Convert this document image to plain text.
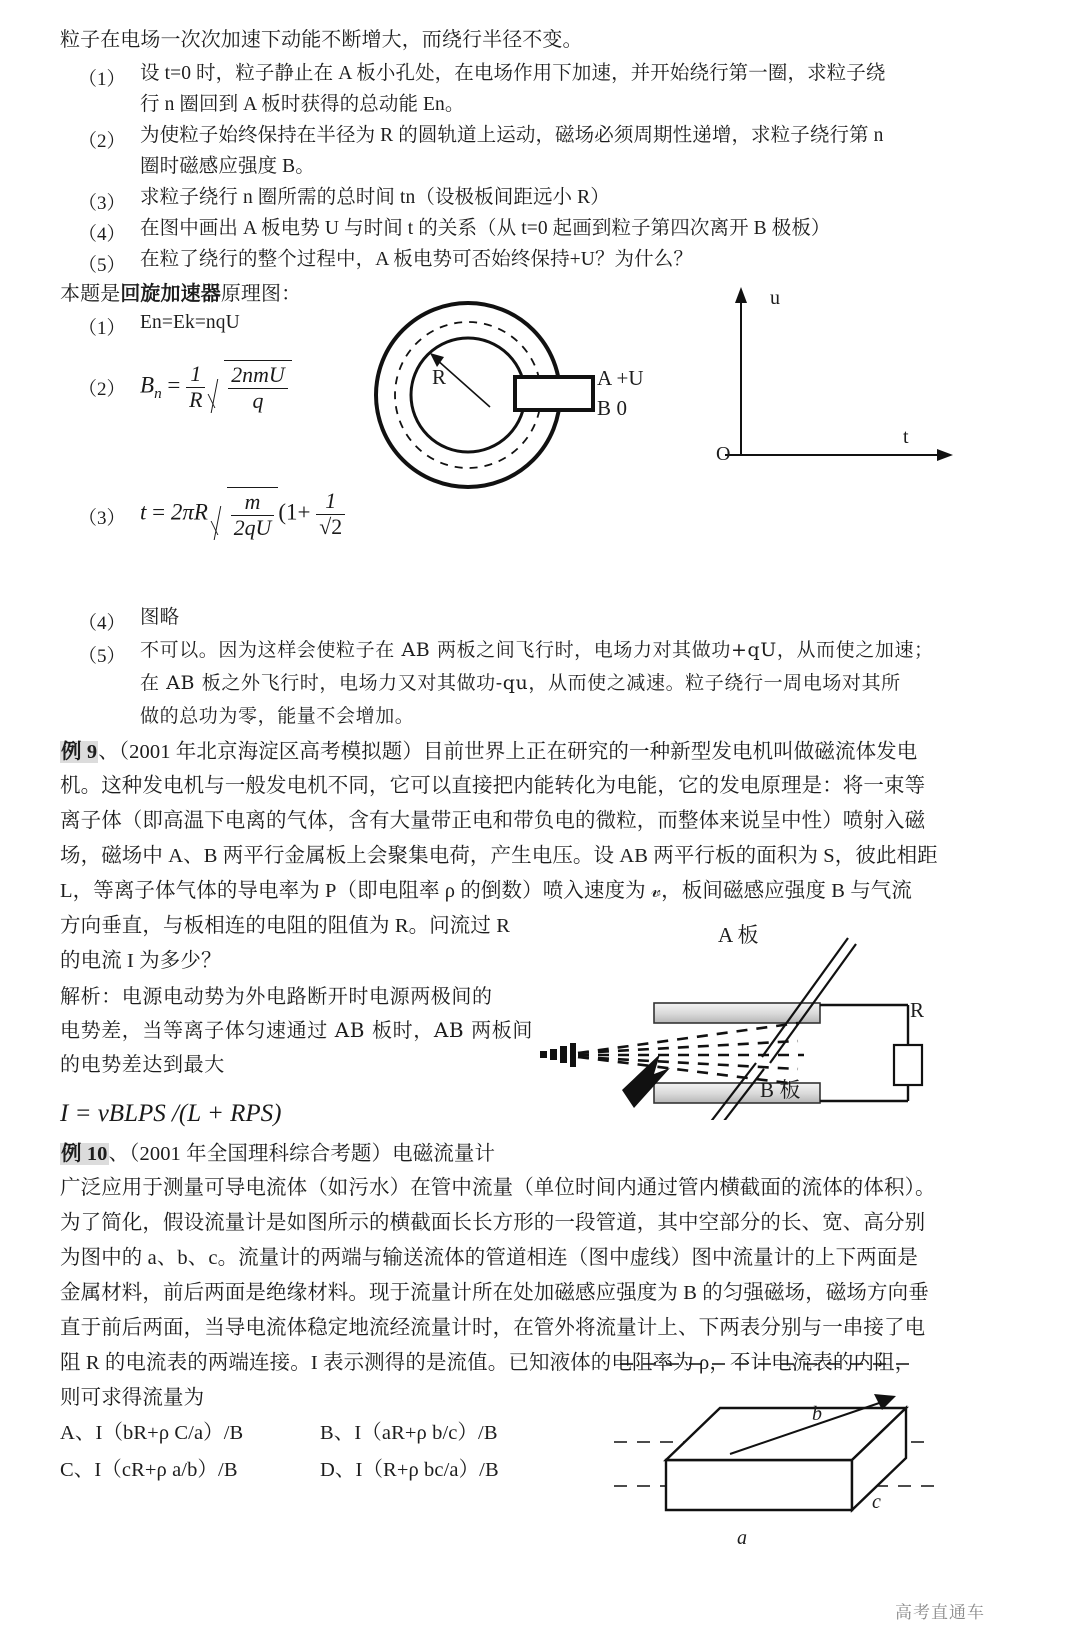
粒子在电场一次次加速下动能不断增大，而绕行半径不变。
（1） 设 t=0 时，粒子静止在 A 板小孔处，在电场作用下加速，并开始绕行第一圈，求粒子绕
行 n 圈回到 A 板时获得的总动能 En。
（2） 为使粒子始终保持在半径为 R 的圆轨道上运动，磁场必须周期性递增，求粒子绕行第 n
圈时磁感应强度 B。
（3） 求粒子绕行 n 圈所需的总时间 tn（设极板间距远小 R）
（4） 在图中画出 A 板电势 U 与时间 t 的关系（从 t=0 起画到粒子第四次离开 B 极板）
（5） 在粒了绕行的整个过程中，A 板电势可否始终保持+U？为什么？
本题是回旋加速器原理图：
（1） En=Ek=nqU
（2） $B_n = \frac{1}{R}$
$\frac{\text{2nmU}}{q}$
（3） $t = 2\pi R \frac{m}{2qU} (1+ \frac{1}{√2}$
R	A +U
B 0
u
t
O
（4） 图略
（5） 不可以。因为这样会使粒子在 AB 两板之间飞行时，电场力对其做功+qU，从而使之加速；
在 AB 板之外飞行时，电场力又对其做功-qu，从而使之减速。粒子绕行一周电场对其所
做的总功为零，能量不会增加。
例 9、（2001 年北京海淀区高考模拟题）目前世界上正在研究的一种新型发电机叫做磁流体发电
机。这种发电机与一般发电机不同，它可以直接把内能转化为电能，它的发电原理是：将一束等
离子体（即高温下电离的气体，含有大量带正电和带负电的微粒，而整体来说呈中性）喷射入磁
场，磁场中 A、B 两平行金属板上会聚集电荷，产生电压。设 AB 两平行板的面积为 S，彼此相距
L，等离子体气体的导电率为 P（即电阻率 ρ 的倒数）喷入速度为 𝓋，板间磁感应强度 B 与气流
方向垂直，与板相连的电阻的阻值为 R。问流过 R
的电流 I 为多少？
解析：电源电动势为外电路断开时电源两极间的
电势差，当等离子体匀速通过 AB 板时，AB 两板间
的电势差达到最大
I = vBLPS /(L + RPS)
A 板
R
B 板
例 10、（2001 年全国理科综合考题）电磁流量计
广泛应用于测量可导电流体（如污水）在管中流量（单位时间内通过管内横截面的流体的体积）。
为了简化，假设流量计是如图所示的横截面长长方形的一段管道，其中空部分的长、宽、高分别
为图中的 a、b、c。流量计的两端与输送流体的管道相连（图中虚线）图中流量计的上下两面是
金属材料，前后两面是绝缘材料。现于流量计所在处加磁感应强度为 B 的匀强磁场，磁场方向垂
直于前后两面，当导电流体稳定地流经流量计时，在管外将流量计上、下两表分别与一串接了电
阻 R 的电流表的两端连接。I 表示测得的是流值。已知液体的电阻率为 ρ，不计电流表的内阻，
则可求得流量为
A、I（bR+ρ C/a）/B	B、I（aR+ρ b/c）/B
C、I（cR+ρ a/b）/B	D、I（R+ρ bc/a）/B
b
c
a
高考直通车
